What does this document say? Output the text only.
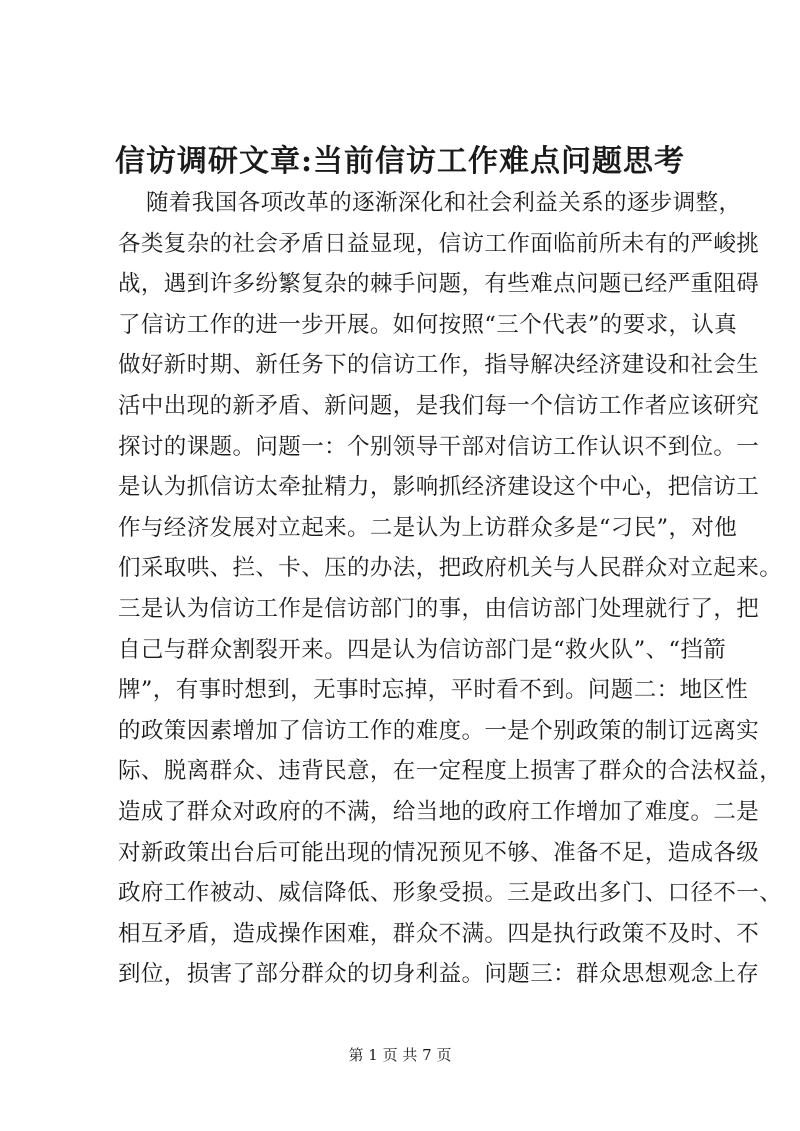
信访调研文章:当前信访工作难点问题思考
随着我国各项改革的逐渐深化和社会利益关系的逐步调整，
各类复杂的社会矛盾日益显现，信访工作面临前所未有的严峻挑
战，遇到许多纷繁复杂的棘手问题，有些难点问题已经严重阻碍
了信访工作的进一步开展。如何按照“三个代表”的要求，认真
做好新时期、新任务下的信访工作，指导解决经济建设和社会生
活中出现的新矛盾、新问题，是我们每一个信访工作者应该研究
探讨的课题。问题一：个别领导干部对信访工作认识不到位。一
是认为抓信访太牵扯精力，影响抓经济建设这个中心，把信访工
作与经济发展对立起来。二是认为上访群众多是“刁民”，对他
们采取哄、拦、卡、压的办法，把政府机关与人民群众对立起来。
三是认为信访工作是信访部门的事，由信访部门处理就行了，把
自己与群众割裂开来。四是认为信访部门是“救火队”、“挡箭
牌”，有事时想到，无事时忘掉，平时看不到。问题二：地区性
的政策因素增加了信访工作的难度。一是个别政策的制订远离实
际、脱离群众、违背民意，在一定程度上损害了群众的合法权益，
造成了群众对政府的不满，给当地的政府工作增加了难度。二是
对新政策出台后可能出现的情况预见不够、准备不足，造成各级
政府工作被动、威信降低、形象受损。三是政出多门、口径不一、
相互矛盾，造成操作困难，群众不满。四是执行政策不及时、不
到位，损害了部分群众的切身利益。问题三：群众思想观念上存
第 1 页 共 7 页
